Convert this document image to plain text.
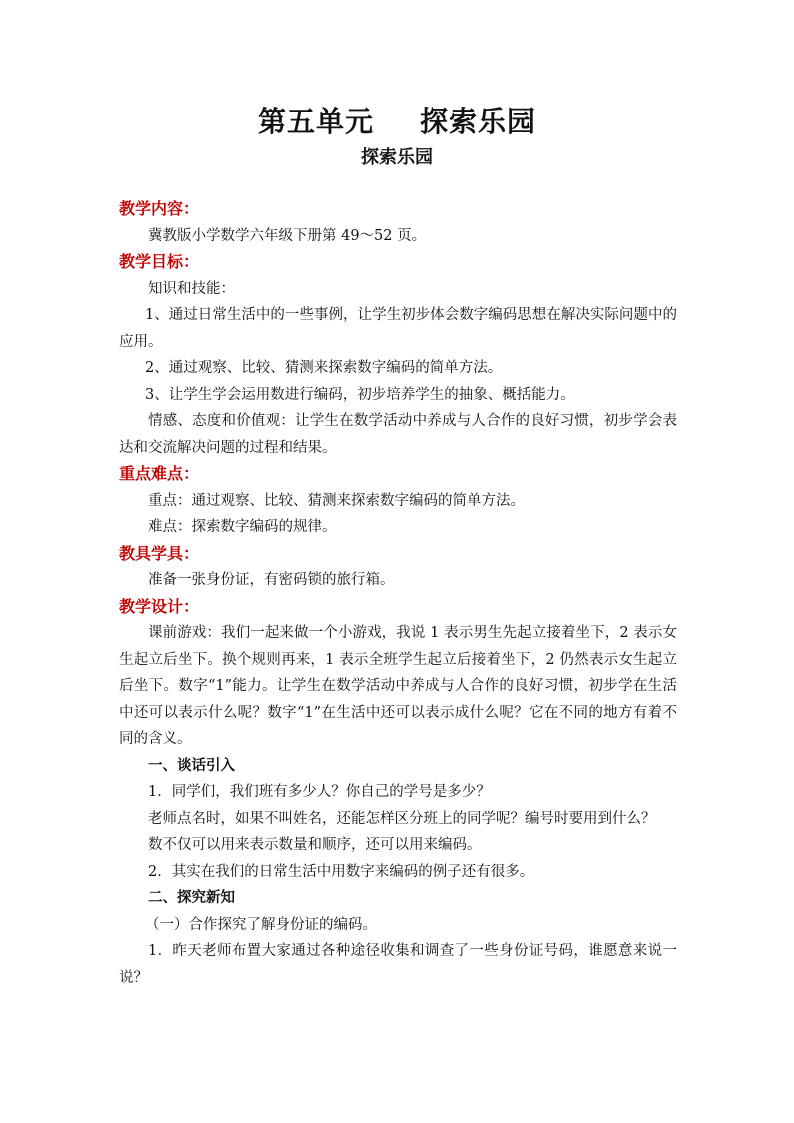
第五单元 探索乐园
探索乐园

教学内容：

冀教版小学数学六年级下册第 49～52 页。

教学目标：

知识和技能：

1、通过日常生活中的一些事例，让学生初步体会数字编码思想在解决实际问题中的应用。

2、通过观察、比较、猜测来探索数字编码的简单方法。

3、让学生学会运用数进行编码，初步培养学生的抽象、概括能力。

情感、态度和价值观：让学生在数学活动中养成与人合作的良好习惯，初步学会表达和交流解决问题的过程和结果。

重点难点：

重点：通过观察、比较、猜测来探索数字编码的简单方法。

难点：探索数字编码的规律。

教具学具：

准备一张身份证，有密码锁的旅行箱。

教学设计：

课前游戏：我们一起来做一个小游戏，我说 1 表示男生先起立接着坐下，2 表示女生起立后坐下。换个规则再来，1 表示全班学生起立后接着坐下，2 仍然表示女生起立后坐下。数字“1”能力。让学生在数学活动中养成与人合作的良好习惯，初步学在生活中还可以表示什么呢？数字“1”在生活中还可以表示成什么呢？它在不同的地方有着不同的含义。

一、谈话引入

1．同学们，我们班有多少人？你自己的学号是多少？

老师点名时，如果不叫姓名，还能怎样区分班上的同学呢？编号时要用到什么？

数不仅可以用来表示数量和顺序，还可以用来编码。

2．其实在我们的日常生活中用数字来编码的例子还有很多。

二、探究新知

（一）合作探究了解身份证的编码。

1．昨天老师布置大家通过各种途径收集和调查了一些身份证号码，谁愿意来说一说？
